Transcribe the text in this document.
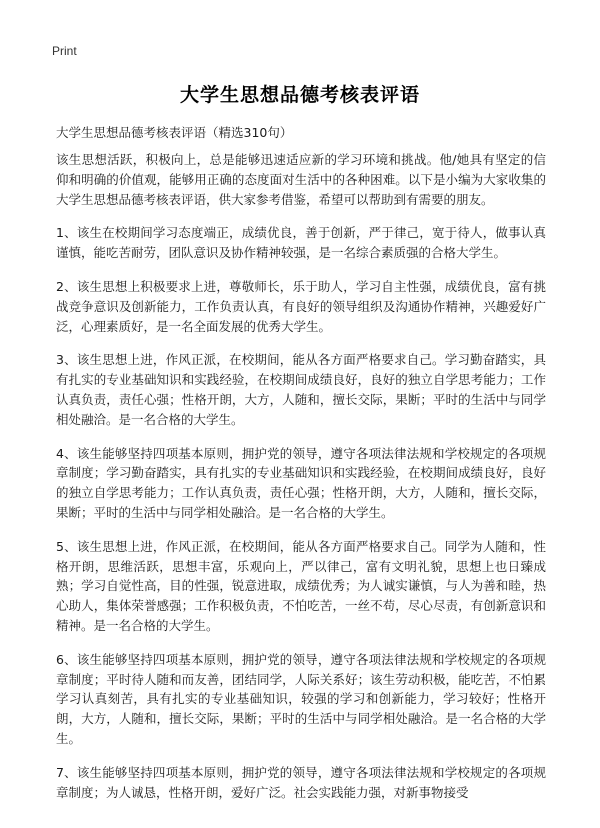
Print
大学生思想品德考核表评语
大学生思想品德考核表评语（精选310句）

该生思想活跃，积极向上，总是能够迅速适应新的学习环境和挑战。他/她具有坚定的信仰和明确的价值观，能够用正确的态度面对生活中的各种困难。以下是小编为大家收集的大学生思想品德考核表评语，供大家参考借鉴，希望可以帮助到有需要的朋友。

1、该生在校期间学习态度端正，成绩优良，善于创新，严于律己，宽于待人，做事认真谨慎，能吃苦耐劳，团队意识及协作精神较强，是一名综合素质强的合格大学生。

2、该生思想上积极要求上进，尊敬师长，乐于助人，学习自主性强，成绩优良，富有挑战竞争意识及创新能力，工作负责认真，有良好的领导组织及沟通协作精神，兴趣爱好广泛，心理素质好，是一名全面发展的优秀大学生。

3、该生思想上进，作风正派，在校期间，能从各方面严格要求自己。学习勤奋踏实，具有扎实的专业基础知识和实践经验，在校期间成绩良好，良好的独立自学思考能力；工作认真负责，责任心强；性格开朗，大方，人随和，擅长交际，果断；平时的生活中与同学相处融洽。是一名合格的大学生。

4、该生能够坚持四项基本原则，拥护党的领导，遵守各项法律法规和学校规定的各项规章制度；学习勤奋踏实，具有扎实的专业基础知识和实践经验，在校期间成绩良好，良好的独立自学思考能力；工作认真负责，责任心强；性格开朗，大方，人随和，擅长交际，果断；平时的生活中与同学相处融洽。是一名合格的大学生。

5、该生思想上进，作风正派，在校期间，能从各方面严格要求自己。同学为人随和，性格开朗，思维活跃，思想丰富，乐观向上，严以律己，富有文明礼貌，思想上也日臻成熟；学习自觉性高，目的性强，锐意进取，成绩优秀；为人诚实谦慎，与人为善和睦，热心助人，集体荣誉感强；工作积极负责，不怕吃苦，一丝不苟，尽心尽责，有创新意识和精神。是一名合格的大学生。

6、该生能够坚持四项基本原则，拥护党的领导，遵守各项法律法规和学校规定的各项规章制度；平时待人随和而友善，团结同学，人际关系好；该生劳动积极，能吃苦，不怕累学习认真刻苦，具有扎实的专业基础知识，较强的学习和创新能力，学习较好；性格开朗，大方，人随和，擅长交际，果断；平时的生活中与同学相处融洽。是一名合格的大学生。

7、该生能够坚持四项基本原则，拥护党的领导，遵守各项法律法规和学校规定的各项规章制度；为人诚恳，性格开朗，爱好广泛。社会实践能力强，对新事物接受
